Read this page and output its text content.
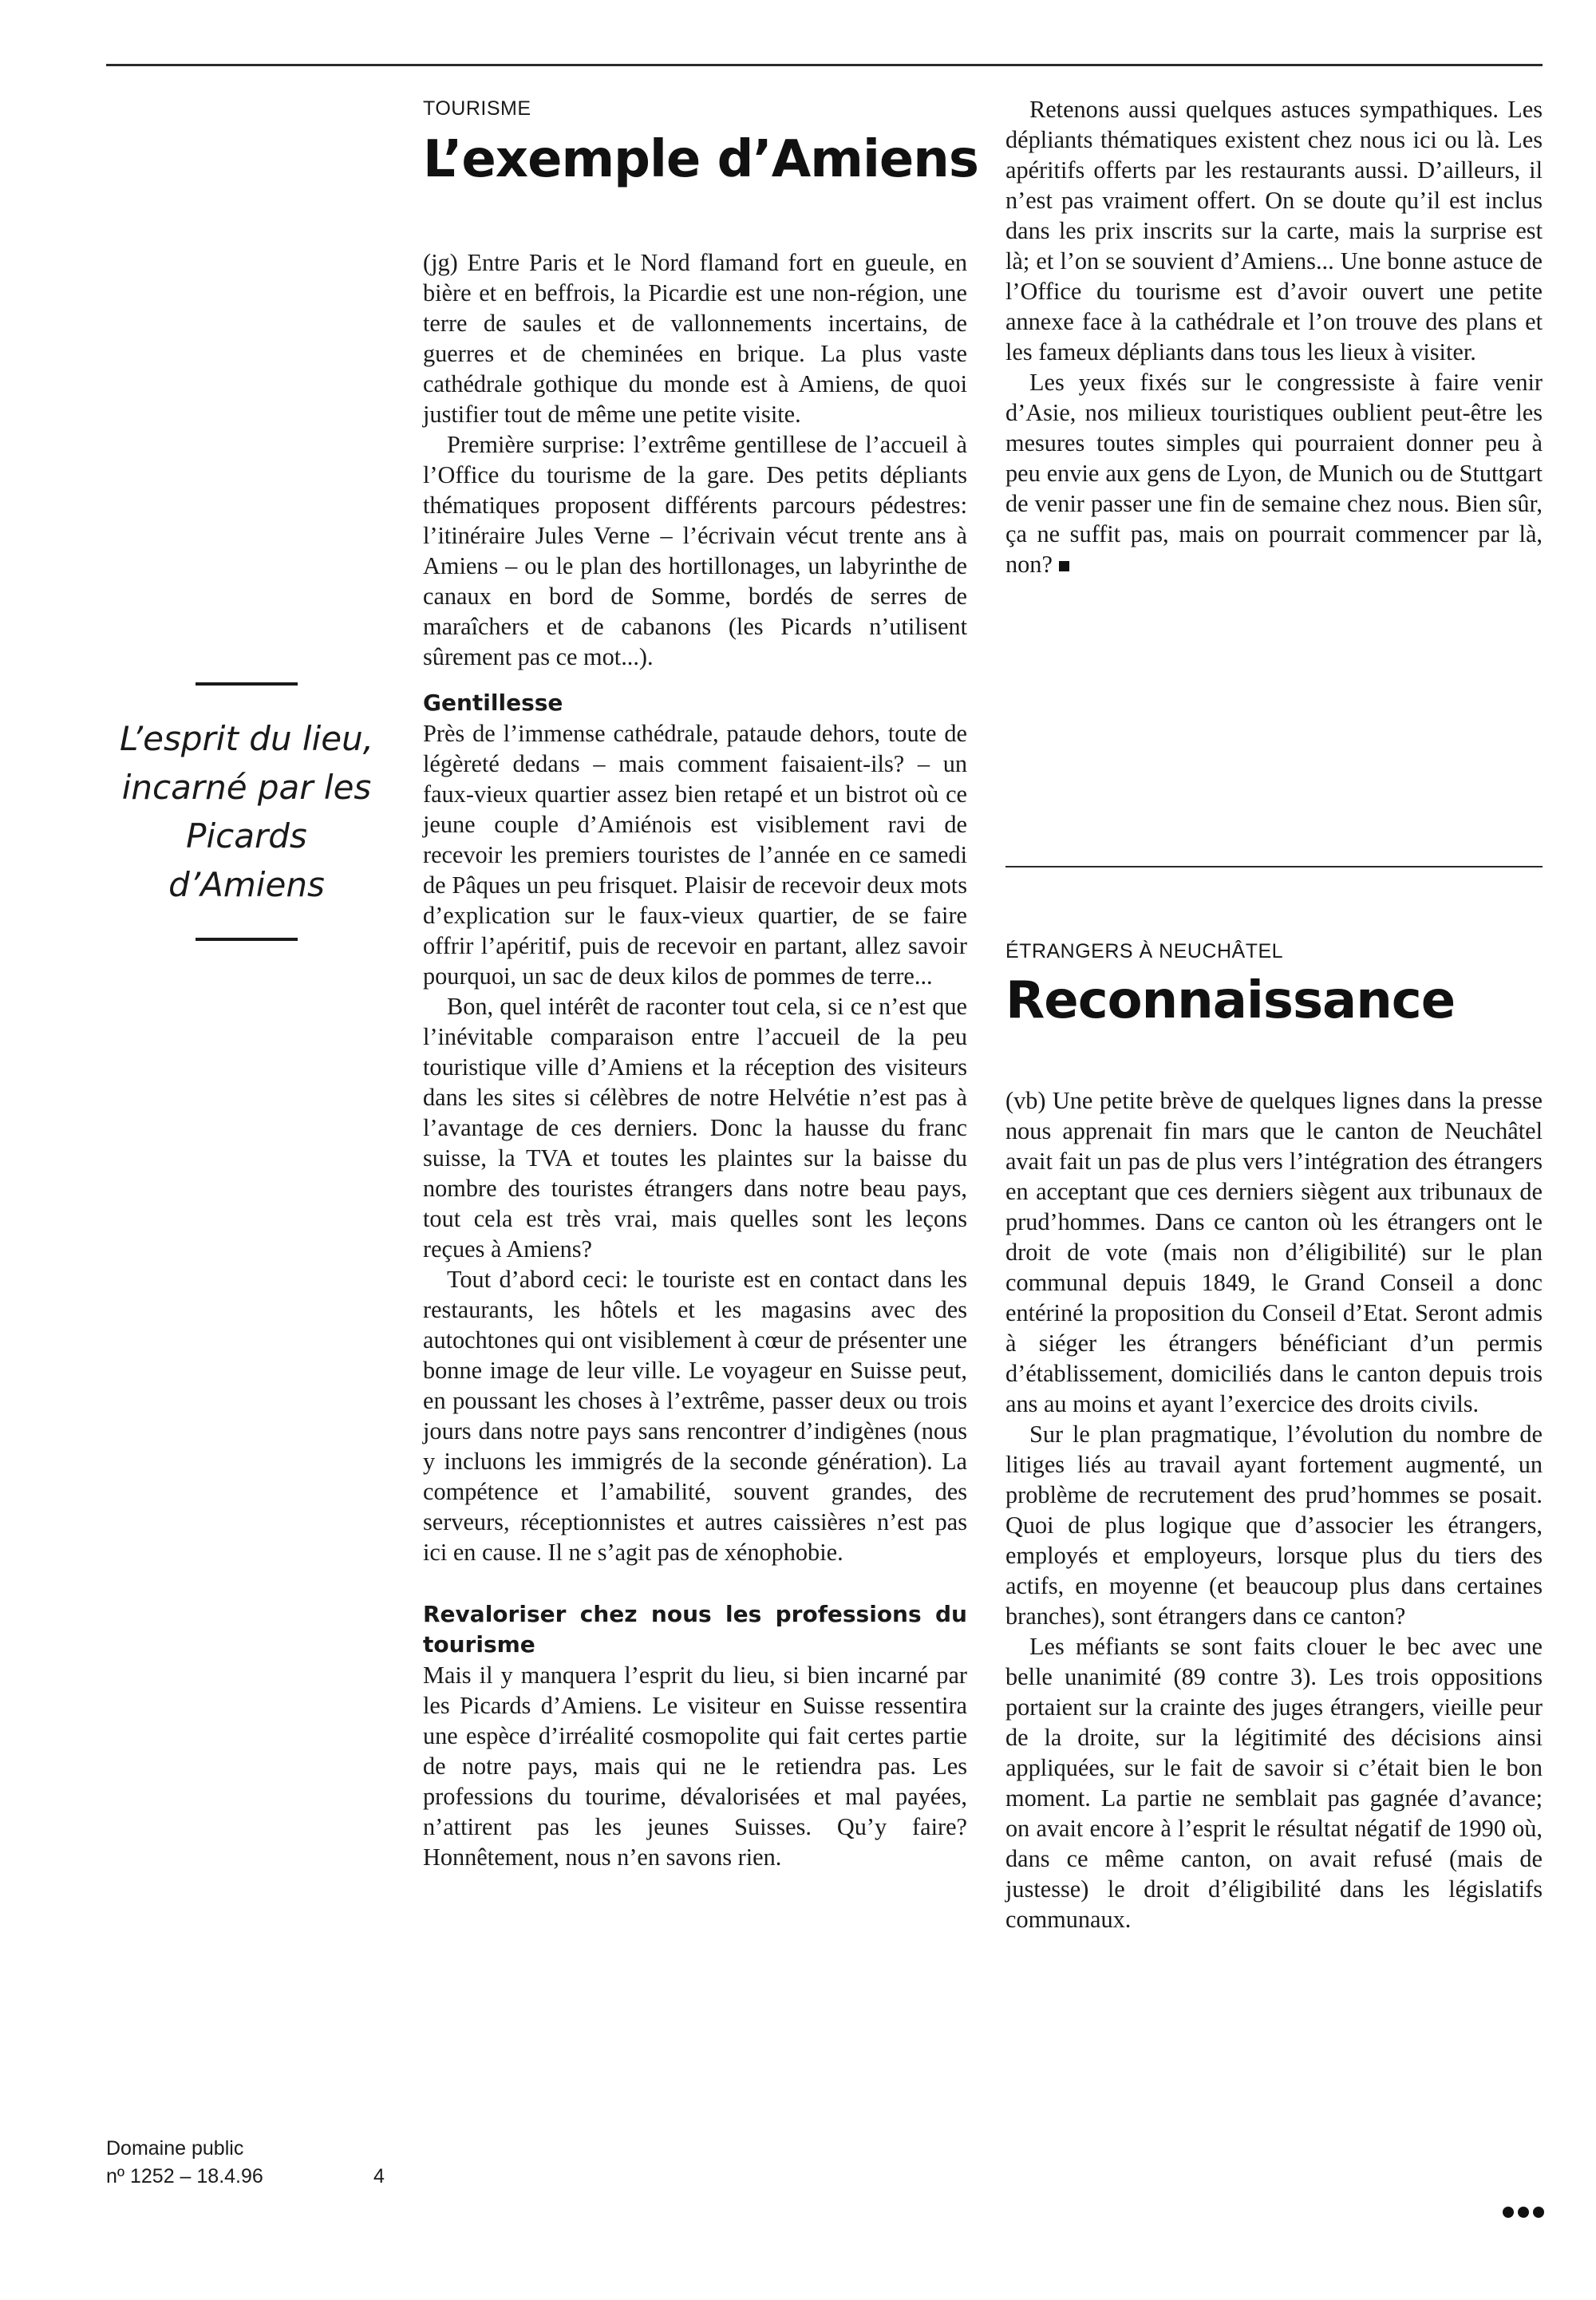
L’esprit du lieu, incarné par les Picards d’Amiens
TOURISME
L’exemple d’Amiens

(jg) Entre Paris et le Nord flamand fort en gueule, en bière et en beffrois, la Picardie est une non-région, une terre de saules et de vallonnements incertains, de guerres et de cheminées en brique. La plus vaste cathédrale gothique du monde est à Amiens, de quoi justifier tout de même une petite visite.

Première surprise: l’extrême gentillese de l’accueil à l’Office du tourisme de la gare. Des petits dépliants thématiques proposent différents parcours pédestres: l’itinéraire Jules Verne – l’écrivain vécut trente ans à Amiens – ou le plan des hortillonages, un labyrinthe de canaux en bord de Somme, bordés de serres de maraîchers et de cabanons (les Picards n’utilisent sûrement pas ce mot...).

Gentillesse

Près de l’immense cathédrale, pataude dehors, toute de légèreté dedans – mais comment faisaient-ils? – un faux-vieux quartier assez bien retapé et un bistrot où ce jeune couple d’Amiénois est visiblement ravi de recevoir les premiers touristes de l’année en ce samedi de Pâques un peu frisquet. Plaisir de recevoir deux mots d’explication sur le faux-vieux quartier, de se faire offrir l’apéritif, puis de recevoir en partant, allez savoir pourquoi, un sac de deux kilos de pommes de terre...

Bon, quel intérêt de raconter tout cela, si ce n’est que l’inévitable comparaison entre l’accueil de la peu touristique ville d’Amiens et la réception des visiteurs dans les sites si célèbres de notre Helvétie n’est pas à l’avantage de ces derniers. Donc la hausse du franc suisse, la TVA et toutes les plaintes sur la baisse du nombre des touristes étrangers dans notre beau pays, tout cela est très vrai, mais quelles sont les leçons reçues à Amiens?

Tout d’abord ceci: le touriste est en contact dans les restaurants, les hôtels et les magasins avec des autochtones qui ont visiblement à cœur de présenter une bonne image de leur ville. Le voyageur en Suisse peut, en poussant les choses à l’extrême, passer deux ou trois jours dans notre pays sans rencontrer d’indigènes (nous y incluons les immigrés de la seconde génération). La compétence et l’amabilité, souvent grandes, des serveurs, réceptionnistes et autres caissières n’est pas ici en cause. Il ne s’agit pas de xénophobie.

Revaloriser chez nous les professions du tourisme

Mais il y manquera l’esprit du lieu, si bien incarné par les Picards d’Amiens. Le visiteur en Suisse ressentira une espèce d’irréalité cosmopolite qui fait certes partie de notre pays, mais qui ne le retiendra pas. Les professions du tourime, dévalorisées et mal payées, n’attirent pas les jeunes Suisses. Qu’y faire? Honnêtement, nous n’en savons rien.

Retenons aussi quelques astuces sympathiques. Les dépliants thématiques existent chez nous ici ou là. Les apéritifs offerts par les restaurants aussi. D’ailleurs, il n’est pas vraiment offert. On se doute qu’il est inclus dans les prix inscrits sur la carte, mais la surprise est là; et l’on se souvient d’Amiens... Une bonne astuce de l’Office du tourisme est d’avoir ouvert une petite annexe face à la cathédrale et l’on trouve des plans et les fameux dépliants dans tous les lieux à visiter.

Les yeux fixés sur le congressiste à faire venir d’Asie, nos milieux touristiques oublient peut-être les mesures toutes simples qui pourraient donner peu à peu envie aux gens de Lyon, de Munich ou de Stuttgart de venir passer une fin de semaine chez nous. Bien sûr, ça ne suffit pas, mais on pourrait commencer par là, non?

ÉTRANGERS À NEUCHÂTEL
Reconnaissance

(vb) Une petite brève de quelques lignes dans la presse nous apprenait fin mars que le canton de Neuchâtel avait fait un pas de plus vers l’intégration des étrangers en acceptant que ces derniers siègent aux tribunaux de prud’hommes. Dans ce canton où les étrangers ont le droit de vote (mais non d’éligibilité) sur le plan communal depuis 1849, le Grand Conseil a donc entériné la proposition du Conseil d’Etat. Seront admis à siéger les étrangers bénéficiant d’un permis d’établissement, domiciliés dans le canton depuis trois ans au moins et ayant l’exercice des droits civils.

Sur le plan pragmatique, l’évolution du nombre de litiges liés au travail ayant fortement augmenté, un problème de recrutement des prud’hommes se posait. Quoi de plus logique que d’associer les étrangers, employés et employeurs, lorsque plus du tiers des actifs, en moyenne (et beaucoup plus dans certaines branches), sont étrangers dans ce canton?

Les méfiants se sont faits clouer le bec avec une belle unanimité (89 contre 3). Les trois oppositions portaient sur la crainte des juges étrangers, vieille peur de la droite, sur la légitimité des décisions ainsi appliquées, sur le fait de savoir si c’était bien le bon moment. La partie ne semblait pas gagnée d’avance; on avait encore à l’esprit le résultat négatif de 1990 où, dans ce même canton, on avait refusé (mais de justesse) le droit d’éligibilité dans les législatifs communaux.

Domaine public
nº 1252 – 18.4.96	4
